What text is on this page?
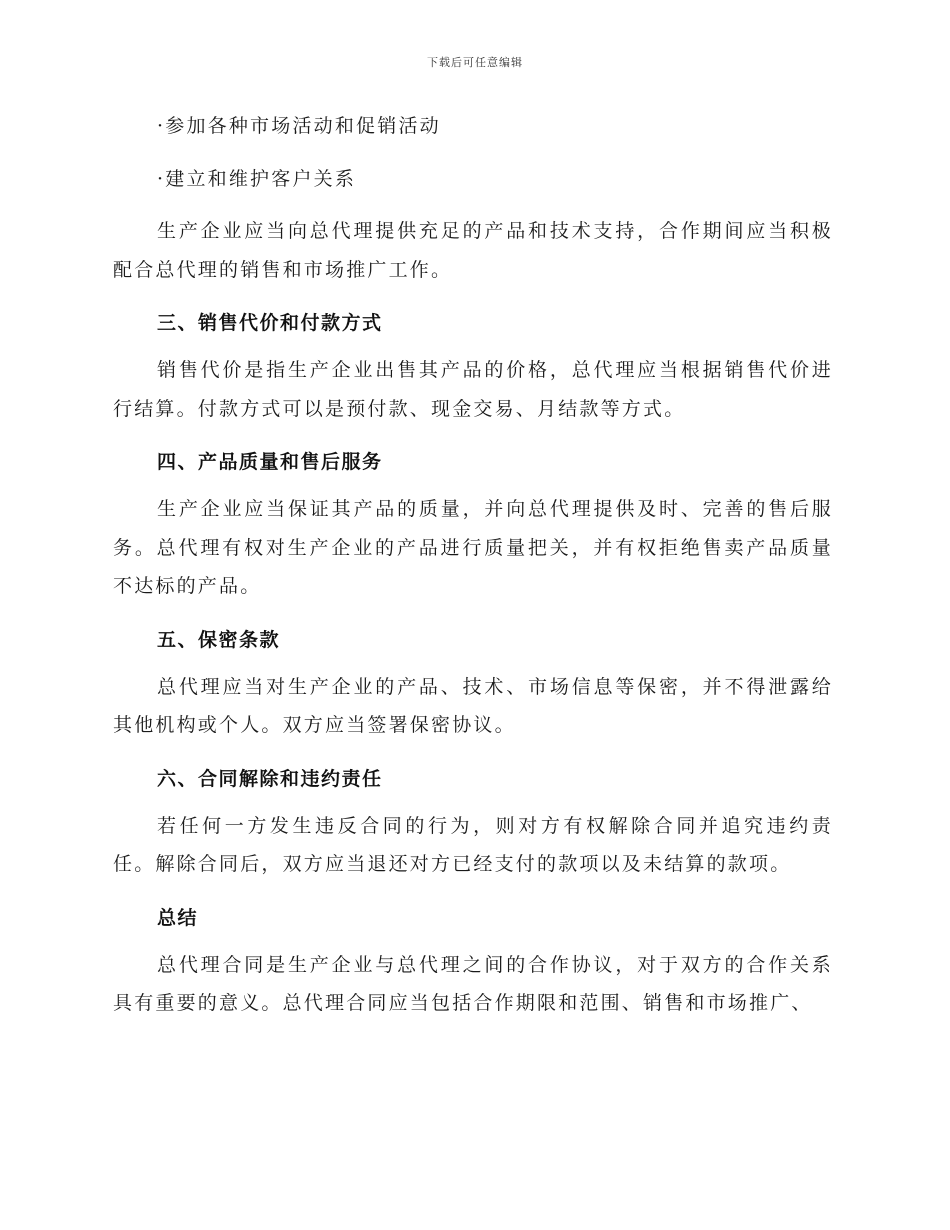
下载后可任意编辑
·参加各种市场活动和促销活动
·建立和维护客户关系

生产企业应当向总代理提供充足的产品和技术支持，合作期间应当积极配合总代理的销售和市场推广工作。

三、销售代价和付款方式

销售代价是指生产企业出售其产品的价格，总代理应当根据销售代价进行结算。付款方式可以是预付款、现金交易、月结款等方式。

四、产品质量和售后服务

生产企业应当保证其产品的质量，并向总代理提供及时、完善的售后服务。总代理有权对生产企业的产品进行质量把关，并有权拒绝售卖产品质量不达标的产品。

五、保密条款

总代理应当对生产企业的产品、技术、市场信息等保密，并不得泄露给其他机构或个人。双方应当签署保密协议。

六、合同解除和违约责任

若任何一方发生违反合同的行为，则对方有权解除合同并追究违约责任。解除合同后，双方应当退还对方已经支付的款项以及未结算的款项。

总结

总代理合同是生产企业与总代理之间的合作协议，对于双方的合作关系具有重要的意义。总代理合同应当包括合作期限和范围、销售和市场推广、
